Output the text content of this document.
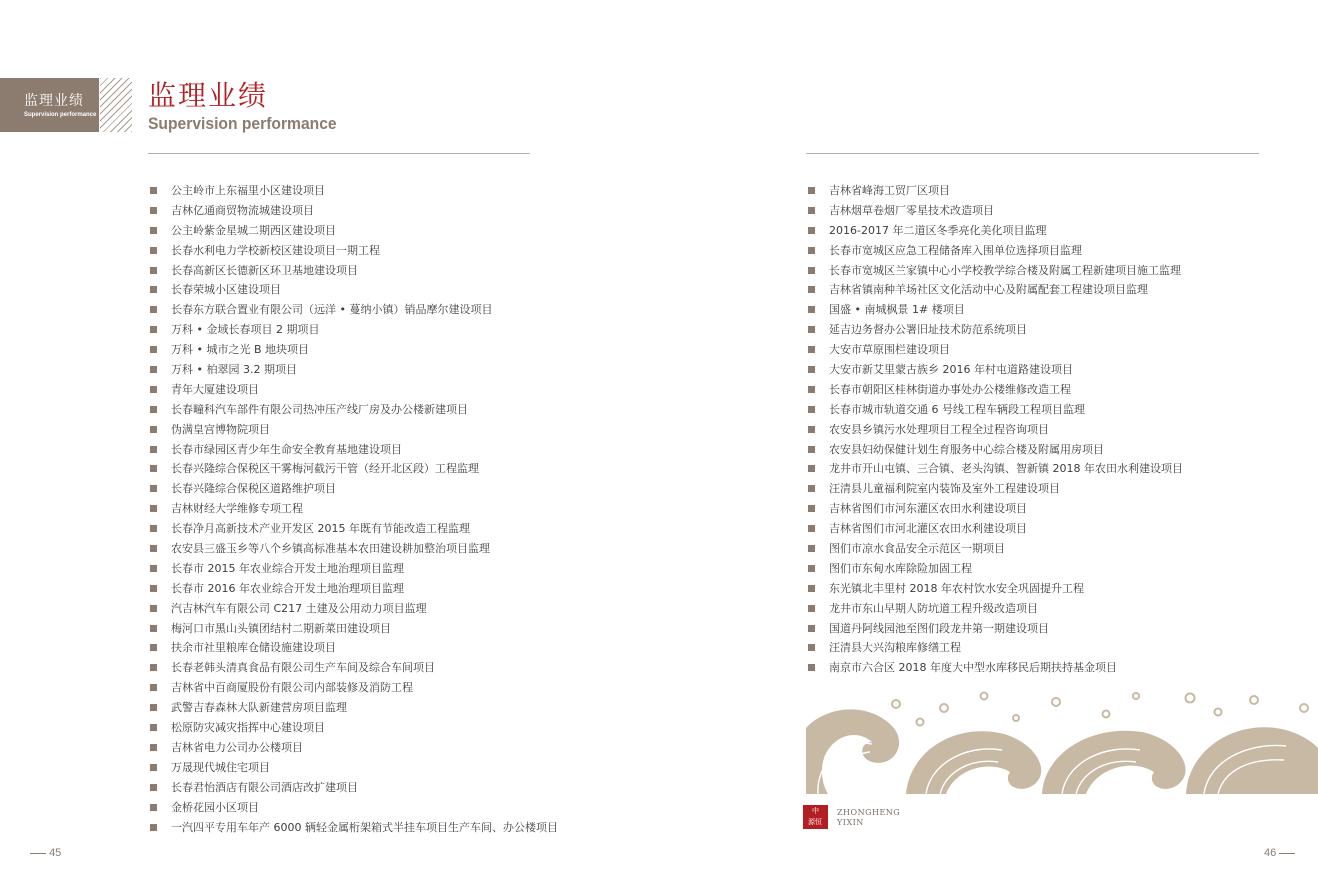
监理业绩
Supervision performance
监理业绩
Supervision performance
公主岭市上东福里小区建设项目
吉林亿通商贸物流城建设项目
公主岭紫金星城二期西区建设项目
长春水利电力学校新校区建设项目一期工程
长春高新区长德新区环卫基地建设项目
长春荣城小区建设项目
长春东方联合置业有限公司（远洋 • 蔓纳小镇）销品摩尔建设项目
万科 • 金域长春项目 2 期项目
万科 • 城市之光 B 地块项目
万科 • 柏翠园 3.2 期项目
青年大厦建设项目
长春疃科汽车部件有限公司热冲压产线厂房及办公楼新建项目
伪满皇宫博物院项目
长春市绿园区青少年生命安全教育基地建设项目
长春兴隆综合保税区干雾梅河截污干管（经开北区段）工程监理
长春兴隆综合保税区道路维护项目
吉林财经大学维修专项工程
长春净月高新技术产业开发区 2015 年既有节能改造工程监理
农安县三盛玉乡等八个乡镇高标准基本农田建设耕加整治项目监理
长春市 2015 年农业综合开发土地治理项目监理
长春市 2016 年农业综合开发土地治理项目监理
汽吉林汽车有限公司 C217 土建及公用动力项目监理
梅河口市黑山头镇团结村二期新菜田建设项目
扶余市社里粮库仓储设施建设项目
长春老韩头清真食品有限公司生产车间及综合车间项目
吉林省中百商厦股份有限公司内部装修及消防工程
武警吉春森林大队新建营房项目监理
松原防灾减灾指挥中心建设项目
吉林省电力公司办公楼项目
万晟现代城住宅项目
长春君怡酒店有限公司酒店改扩建项目
金桥花园小区项目
一汽四平专用车年产 6000 辆轻金属桁架箱式半挂车项目生产车间、办公楼项目
吉林省峰海工贸厂区项目
吉林烟草卷烟厂零星技术改造项目
2016-2017 年二道区冬季亮化美化项目监理
长春市宽城区应急工程储备库入围单位选择项目监理
长春市宽城区兰家镇中心小学校教学综合楼及附属工程新建项目施工监理
吉林省镇南种羊场社区文化活动中心及附属配套工程建设项目监理
国盛 • 南城枫景 1# 楼项目
延吉边务督办公署旧址技术防范系统项目
大安市草原围栏建设项目
大安市新艾里蒙古族乡 2016 年村屯道路建设项目
长春市朝阳区桂林街道办事处办公楼维修改造工程
长春市城市轨道交通 6 号线工程车辆段工程项目监理
农安县乡镇污水处理项目工程全过程咨询项目
农安县妇幼保健计划生育服务中心综合楼及附属用房项目
龙井市开山屯镇、三合镇、老头沟镇、智新镇 2018 年农田水利建设项目
汪清县儿童福利院室内装饰及室外工程建设项目
吉林省图们市河东灌区农田水利建设项目
吉林省图们市河北灌区农田水利建设项目
图们市凉水食品安全示范区一期项目
图们市东甸水库除险加固工程
东光镇北丰里村 2018 年农村饮水安全巩固提升工程
龙井市东山早期人防坑道工程升级改造项目
国道丹阿线园池至图们段龙井第一期建设项目
汪清县大兴沟粮库修缮工程
南京市六合区 2018 年度大中型水库移民后期扶持基金项目
中
源恒
ZHONGHENG
YIXIN
45	46
